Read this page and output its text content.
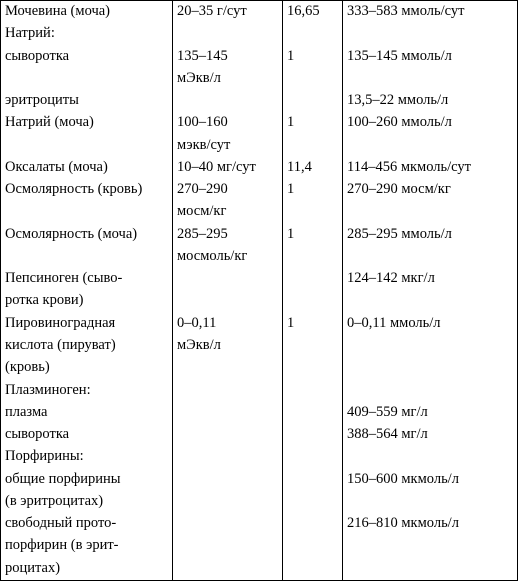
Мочевина (моча)	20–35 г/сут	16,65	333–583 ммоль/сут
Натрий:			
сыворотка	135–145	1	135–145 ммоль/л
	мЭкв/л		
эритроциты			13,5–22 ммоль/л
Натрий (моча)	100–160	1	100–260 ммоль/л
	мэкв/сут		
Оксалаты (моча)	10–40 мг/сут	11,4	114–456 мкмоль/сут
Осмолярность (кровь)	270–290	1	270–290 мосм/кг
	мосм/кг		
Осмолярность (моча)	285–295	1	285–295 ммоль/л
	мосмоль/кг		
Пепсиноген (сыво-			124–142 мкг/л
ротка крови)			
Пировиноградная	0–0,11	1	0–0,11 ммоль/л
кислота (пируват)	мЭкв/л		
(кровь)			
Плазминоген:			
плазма			409–559 мг/л
сыворотка			388–564 мг/л
Порфирины:			
общие порфирины			150–600 мкмоль/л
(в эритроцитах)			
свободный прото-			216–810 мкмоль/л
порфирин (в эрит-			
роцитах)			
